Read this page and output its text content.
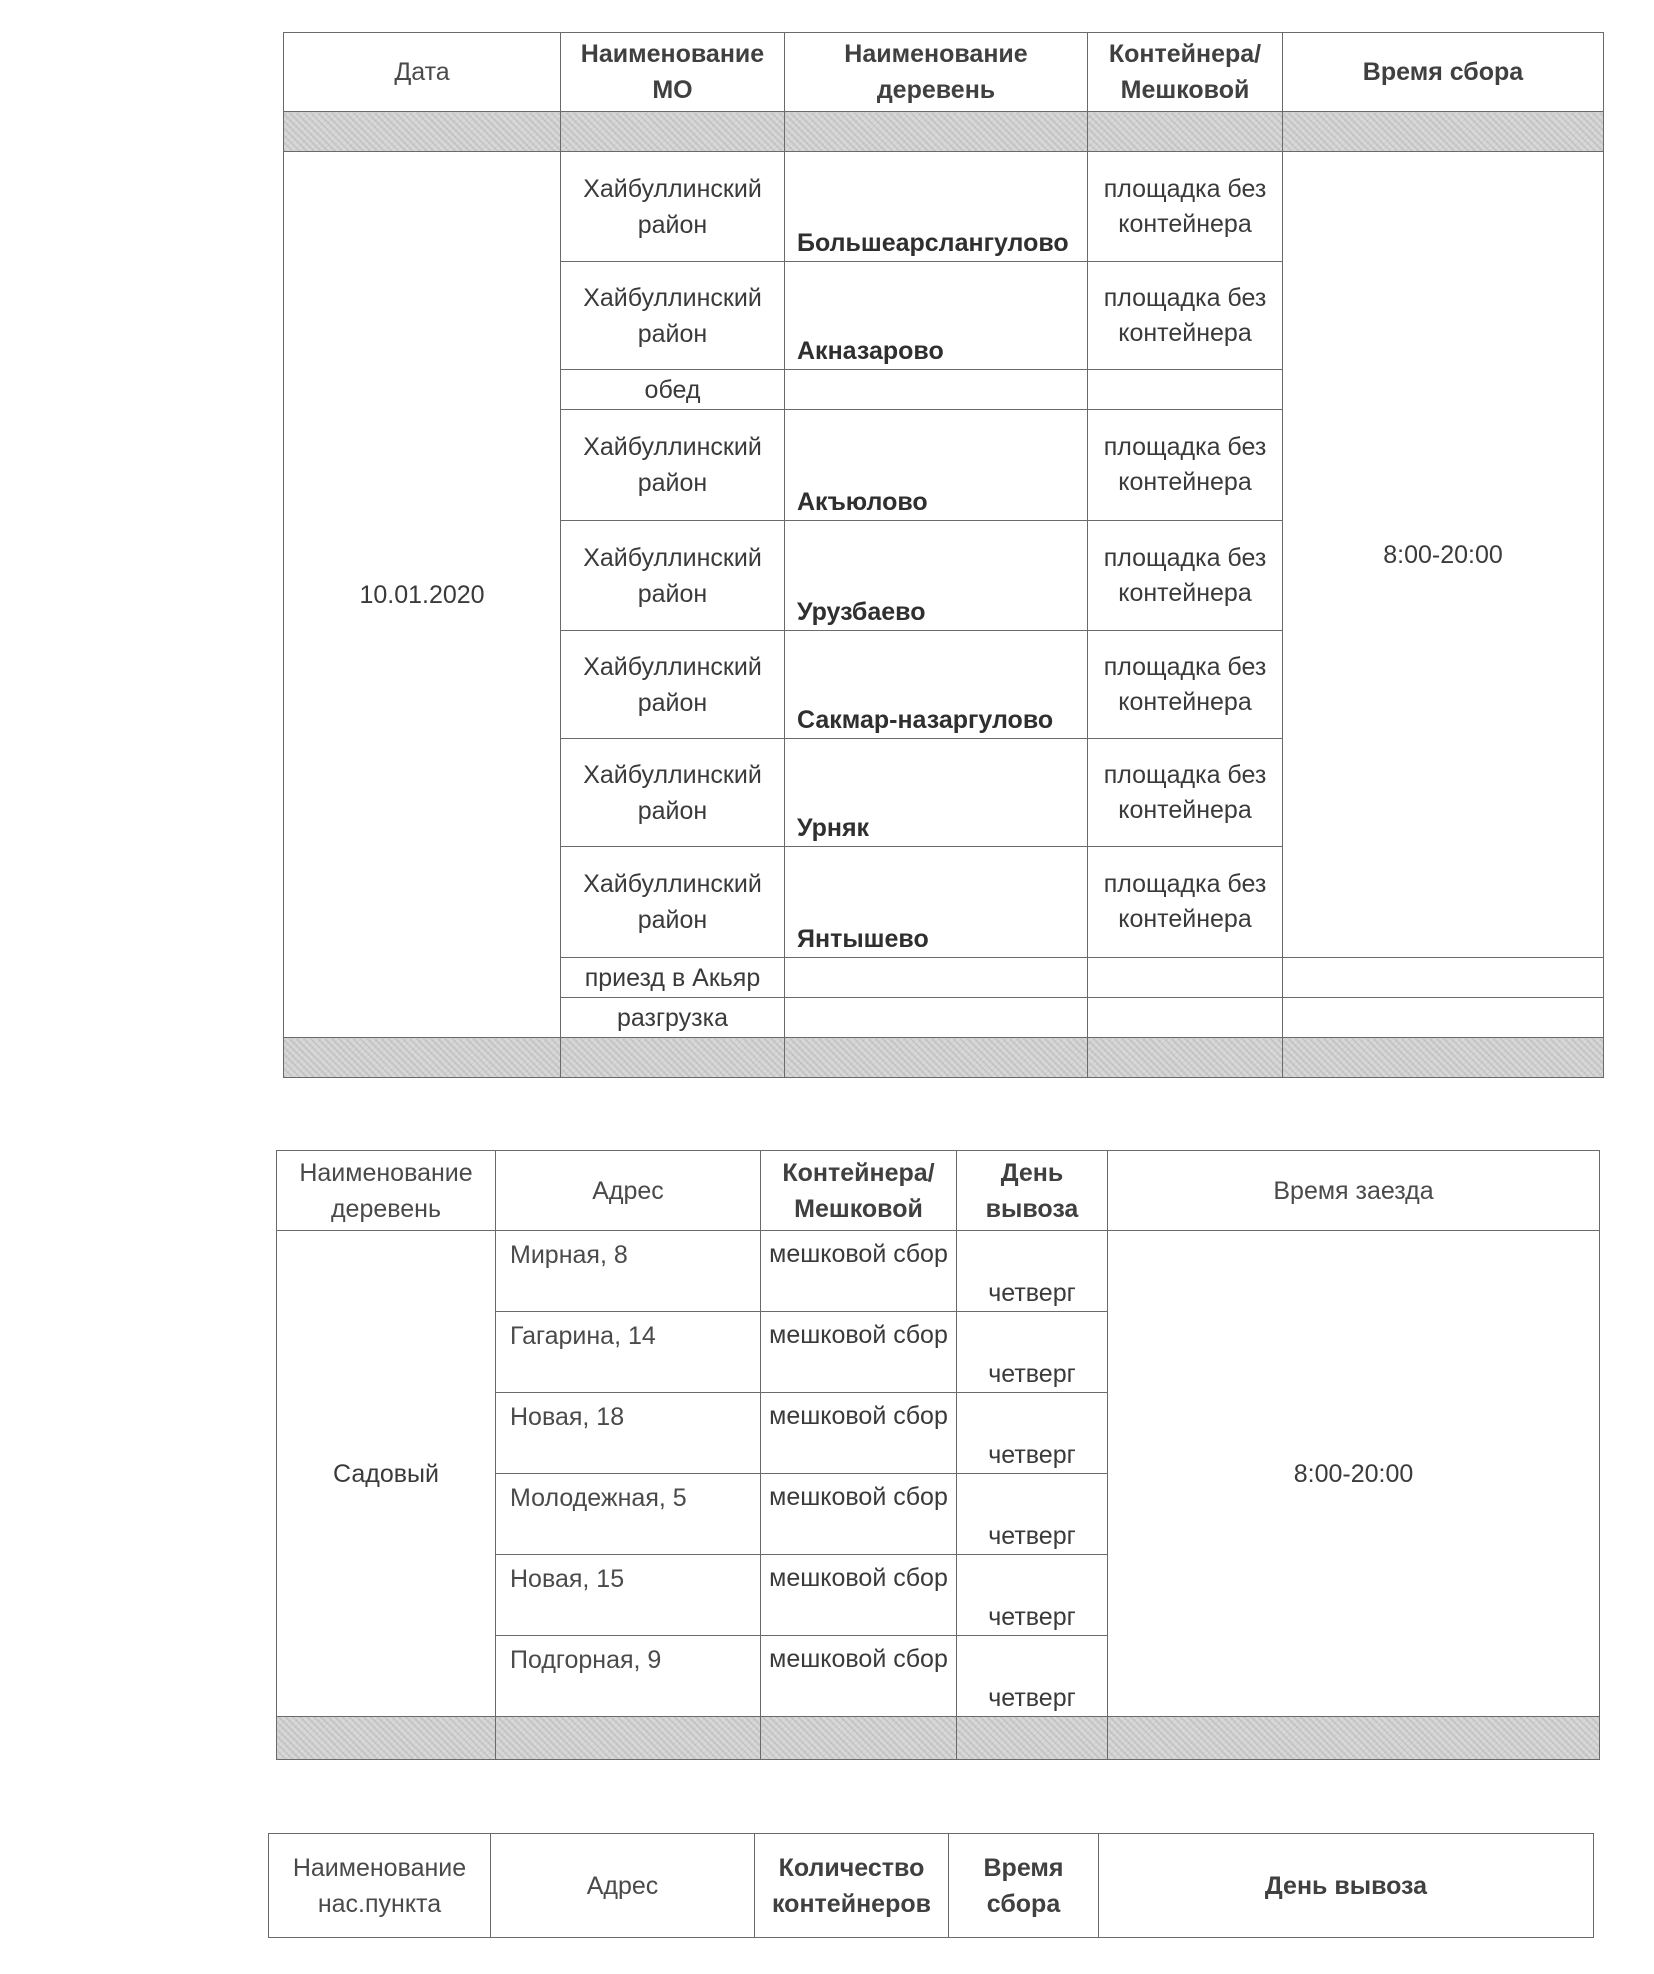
Дата	Наименование МО	Наименование деревень	Контейнера/ Мешковой	Время сбора

10.01.2020	Хайбуллинский район	Большеарслангулово	площадка без контейнера	8:00-20:00
	Хайбуллинский район	Акназарово	площадка без контейнера	
	обед			
	Хайбуллинский район	Акъюлово	площадка без контейнера	
	Хайбуллинский район	Урузбаево	площадка без контейнера	
	Хайбуллинский район	Сакмар-назаргулово	площадка без контейнера	
	Хайбуллинский район	Урняк	площадка без контейнера	
	Хайбуллинский район	Янтышево	площадка без контейнера	
	приезд в Акьяр			
	разгрузка			

Наименование деревень	Адрес	Контейнера/ Мешковой	День вывоза	Время заезда
Садовый	Мирная, 8	мешковой сбор	четверг	8:00-20:00
	Гагарина, 14	мешковой сбор	четверг	
	Новая, 18	мешковой сбор	четверг	
	Молодежная, 5	мешковой сбор	четверг	
	Новая, 15	мешковой сбор	четверг	
	Подгорная, 9	мешковой сбор	четверг	

Наименование нас.пункта	Адрес	Количество контейнеров	Время сбора	День вывоза
